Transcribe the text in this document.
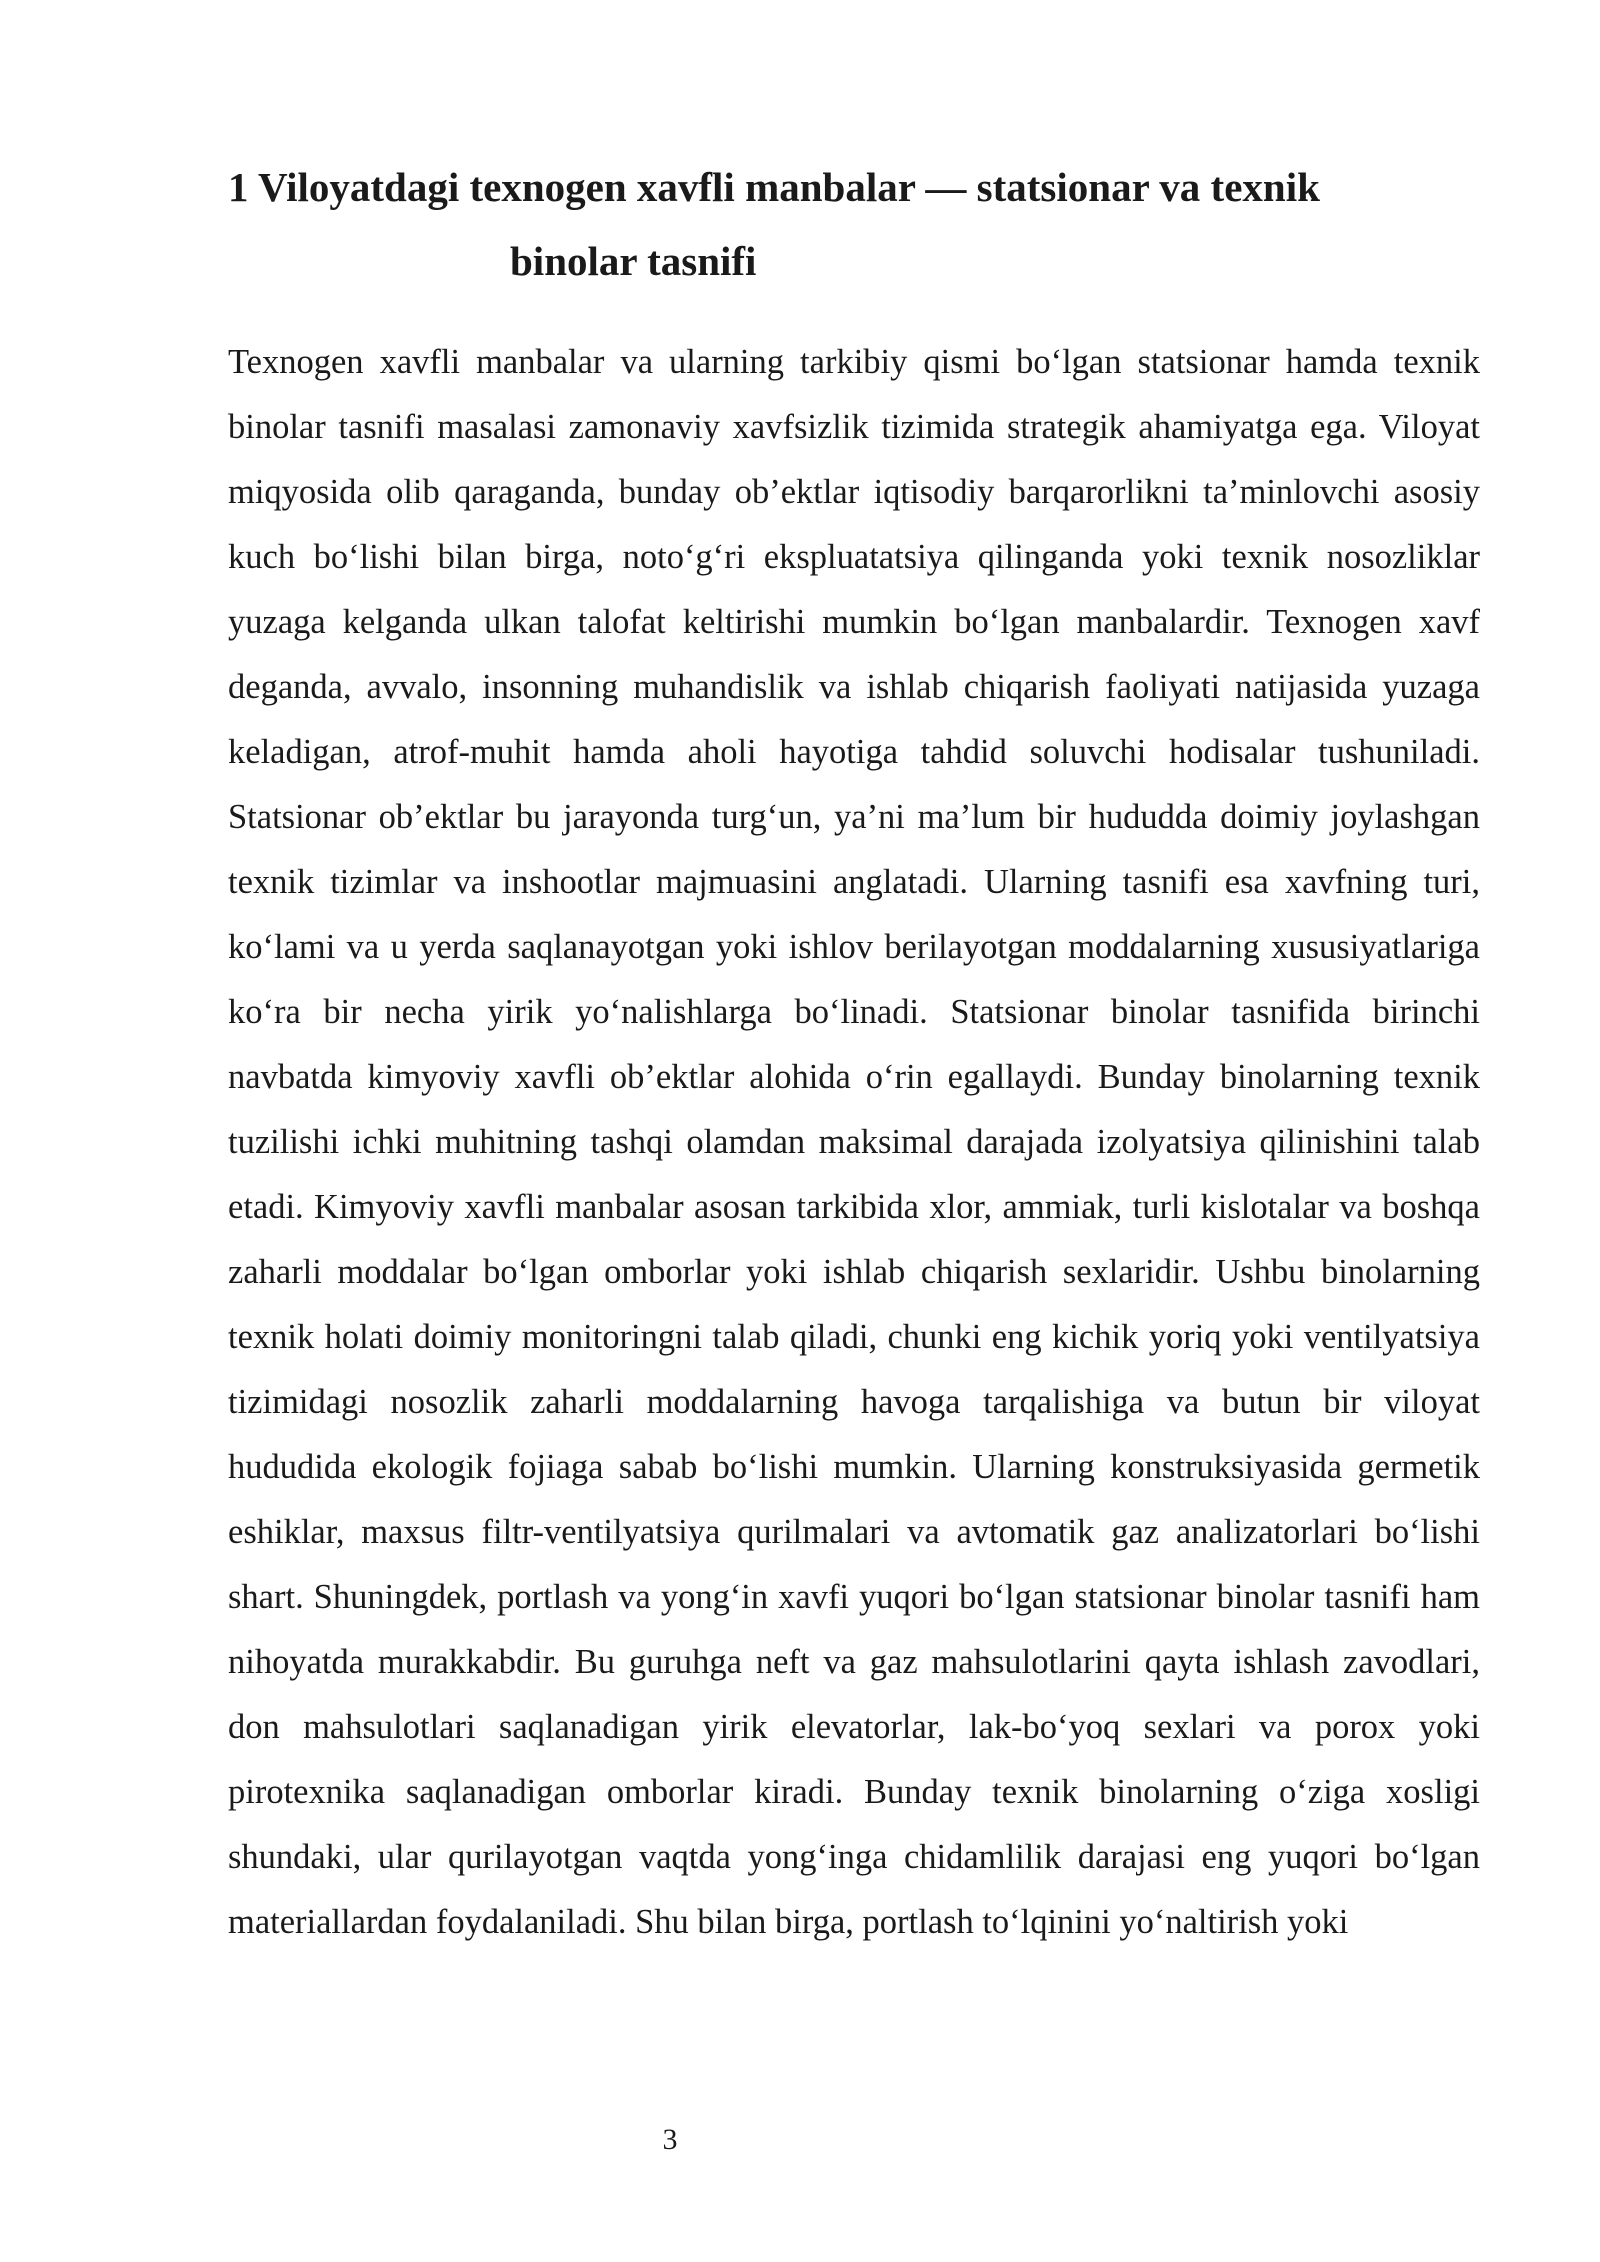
1 Viloyatdagi texnogen xavfli manbalar — statsionar va texnik
binolar tasnifi

Texnogen xavfli manbalar va ularning tarkibiy qismi bo‘lgan statsionar hamda texnik binolar tasnifi masalasi zamonaviy xavfsizlik tizimida strategik ahamiyatga ega. Viloyat miqyosida olib qaraganda, bunday ob’ektlar iqtisodiy barqarorlikni ta’minlovchi asosiy kuch bo‘lishi bilan birga, noto‘g‘ri ekspluatatsiya qilinganda yoki texnik nosozliklar yuzaga kelganda ulkan talofat keltirishi mumkin bo‘lgan manbalardir. Texnogen xavf deganda, avvalo, insonning muhandislik va ishlab chiqarish faoliyati natijasida yuzaga keladigan, atrof-muhit hamda aholi hayotiga tahdid soluvchi hodisalar tushuniladi. Statsionar ob’ektlar bu jarayonda turg‘un, ya’ni ma’lum bir hududda doimiy joylashgan texnik tizimlar va inshootlar majmuasini anglatadi. Ularning tasnifi esa xavfning turi, ko‘lami va u yerda saqlanayotgan yoki ishlov berilayotgan moddalarning xususiyatlariga ko‘ra bir necha yirik yo‘nalishlarga bo‘linadi. Statsionar binolar tasnifida birinchi navbatda kimyoviy xavfli ob’ektlar alohida o‘rin egallaydi. Bunday binolarning texnik tuzilishi ichki muhitning tashqi olamdan maksimal darajada izolyatsiya qilinishini talab etadi. Kimyoviy xavfli manbalar asosan tarkibida xlor, ammiak, turli kislotalar va boshqa zaharli moddalar bo‘lgan omborlar yoki ishlab chiqarish sexlaridir. Ushbu binolarning texnik holati doimiy monitoringni talab qiladi, chunki eng kichik yoriq yoki ventilyatsiya tizimidagi nosozlik zaharli moddalarning havoga tarqalishiga va butun bir viloyat hududida ekologik fojiaga sabab bo‘lishi mumkin. Ularning konstruksiyasida germetik eshiklar, maxsus filtr-ventilyatsiya qurilmalari va avtomatik gaz analizatorlari bo‘lishi shart. Shuningdek, portlash va yong‘in xavfi yuqori bo‘lgan statsionar binolar tasnifi ham nihoyatda murakkabdir. Bu guruhga neft va gaz mahsulotlarini qayta ishlash zavodlari, don mahsulotlari saqlanadigan yirik elevatorlar, lak-bo‘yoq sexlari va porox yoki pirotexnika saqlanadigan omborlar kiradi. Bunday texnik binolarning o‘ziga xosligi shundaki, ular qurilayotgan vaqtda yong‘inga chidamlilik darajasi eng yuqori bo‘lgan materiallardan foydalaniladi. Shu bilan birga, portlash to‘lqinini yo‘naltirish yoki

3
